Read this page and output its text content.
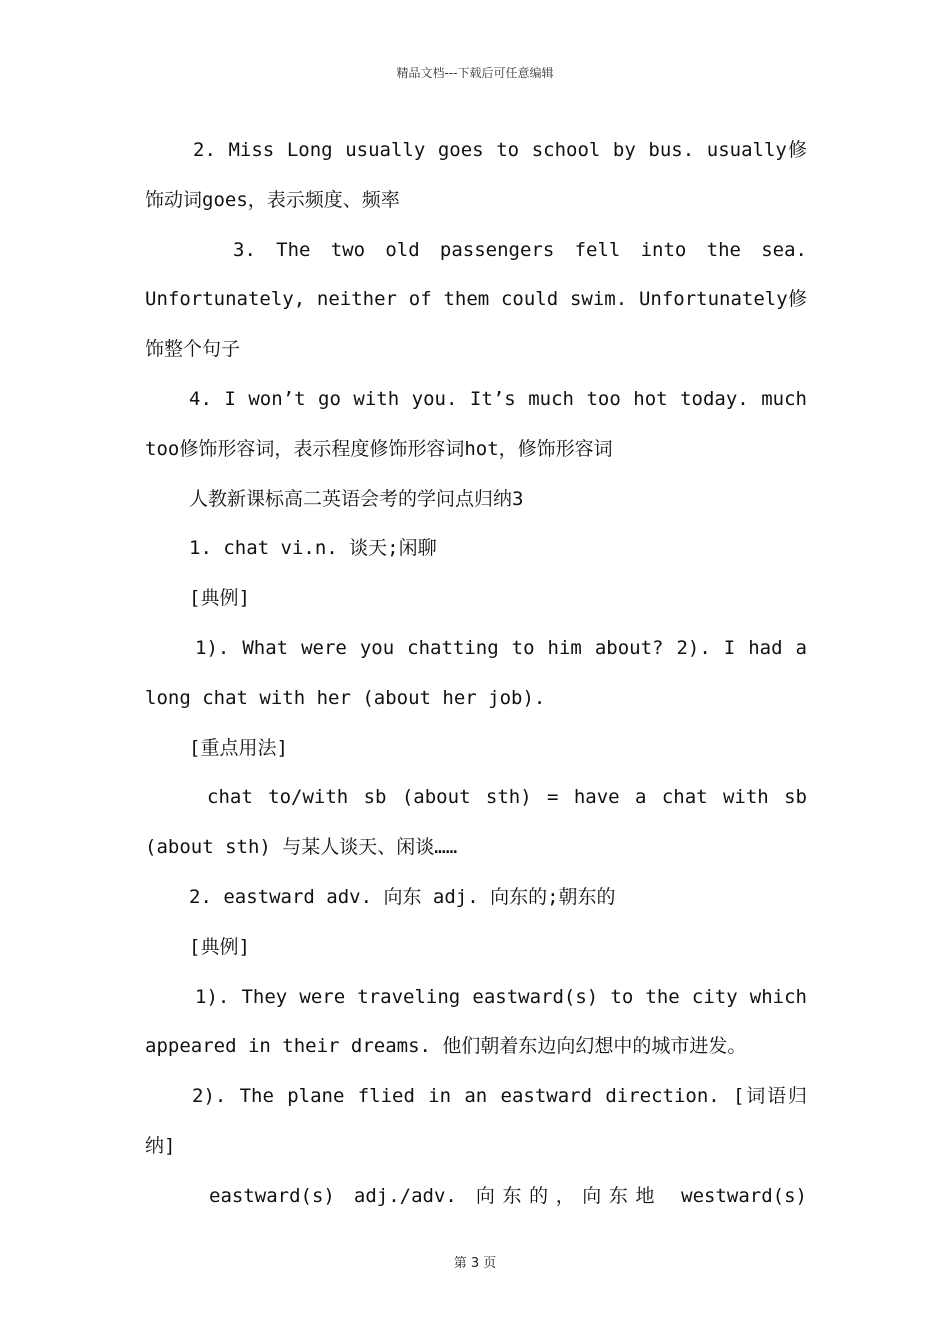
精品文档---下载后可任意编辑
2. Miss Long usually goes to school by bus. usually修
饰动词goes，表示频度、频率
3. The two old passengers fell into the sea.
Unfortunately, neither of them could swim. Unfortunately修
饰整个句子
4. I won’t go with you. It’s much too hot today. much
too修饰形容词，表示程度修饰形容词hot，修饰形容词
人教新课标高二英语会考的学问点归纳3
1. chat vi.n. 谈天;闲聊
[典例]
1). What were you chatting to him about? 2). I had a
long chat with her (about her job).
[重点用法]
chat to/with sb (about sth) = have a chat with sb
(about sth) 与某人谈天、闲谈……
2. eastward adv. 向东 adj. 向东的;朝东的
[典例]
1). They were traveling eastward(s) to the city which
appeared in their dreams. 他们朝着东边向幻想中的城市进发。
2). The plane flied in an eastward direction. [词语归
纳]
eastward(s) adj./adv. 向东的，向东地 westward(s)
第 3 页
